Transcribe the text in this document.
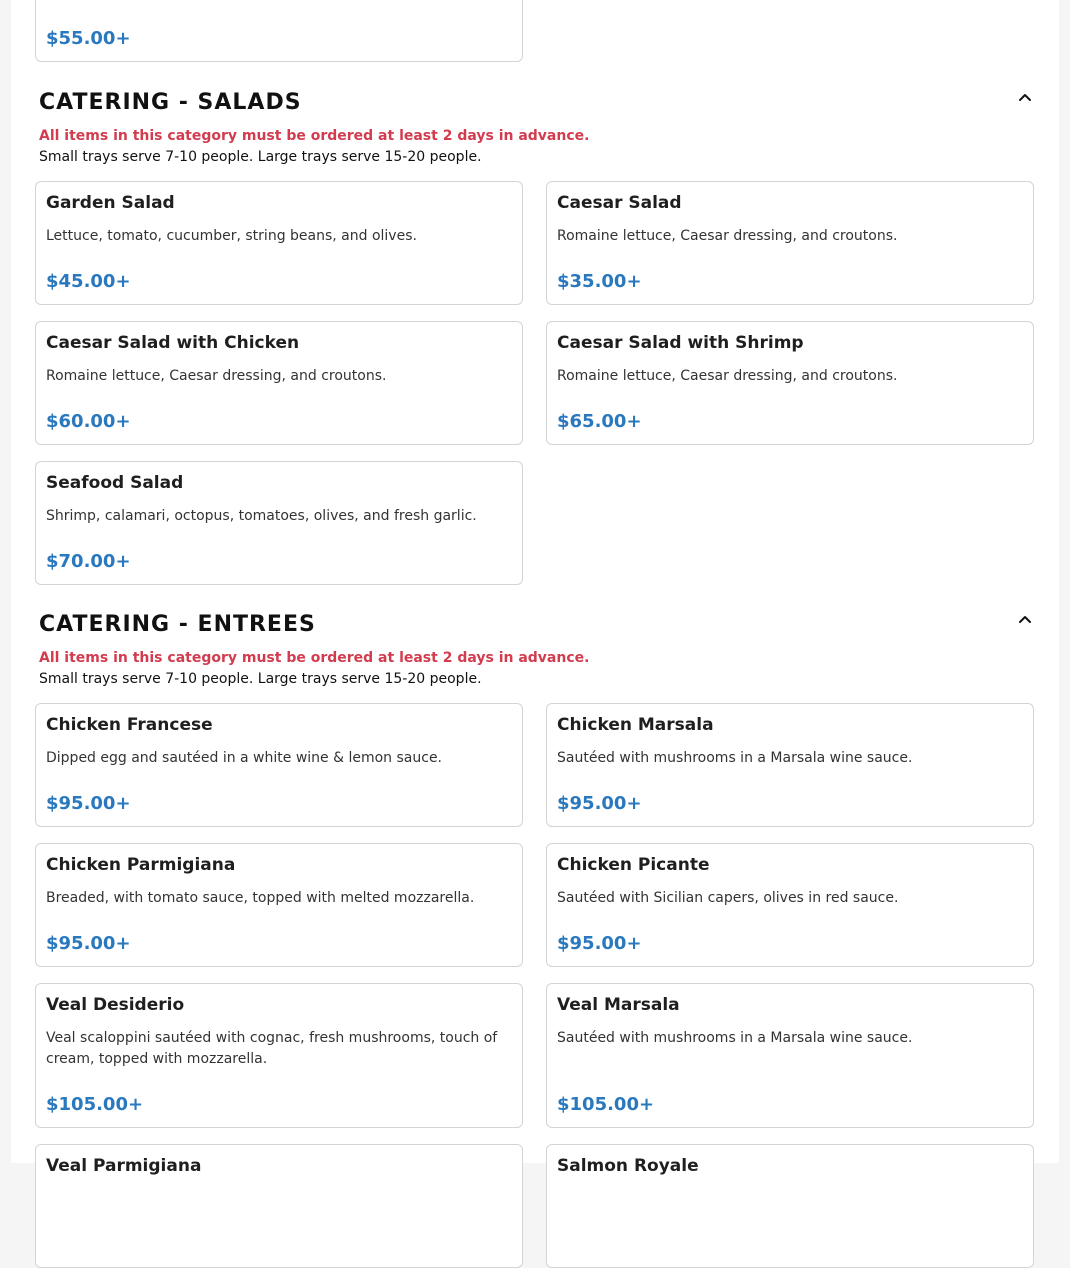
$55.00+
CATERING - SALADS
All items in this category must be ordered at least 2 days in advance.
Small trays serve 7-10 people. Large trays serve 15-20 people.
Garden Salad
Lettuce, tomato, cucumber, string beans, and olives.
$45.00+
Caesar Salad
Romaine lettuce, Caesar dressing, and croutons.
$35.00+
Caesar Salad with Chicken
Romaine lettuce, Caesar dressing, and croutons.
$60.00+
Caesar Salad with Shrimp
Romaine lettuce, Caesar dressing, and croutons.
$65.00+
Seafood Salad
Shrimp, calamari, octopus, tomatoes, olives, and fresh garlic.
$70.00+
CATERING - ENTREES
All items in this category must be ordered at least 2 days in advance.
Small trays serve 7-10 people. Large trays serve 15-20 people.
Chicken Francese
Dipped egg and sautéed in a white wine & lemon sauce.
$95.00+
Chicken Marsala
Sautéed with mushrooms in a Marsala wine sauce.
$95.00+
Chicken Parmigiana
Breaded, with tomato sauce, topped with melted mozzarella.
$95.00+
Chicken Picante
Sautéed with Sicilian capers, olives in red sauce.
$95.00+
Veal Desiderio
Veal scaloppini sautéed with cognac, fresh mushrooms, touch of cream, topped with mozzarella.
$105.00+
Veal Marsala
Sautéed with mushrooms in a Marsala wine sauce.
$105.00+
Veal Parmigiana	Salmon Royale
